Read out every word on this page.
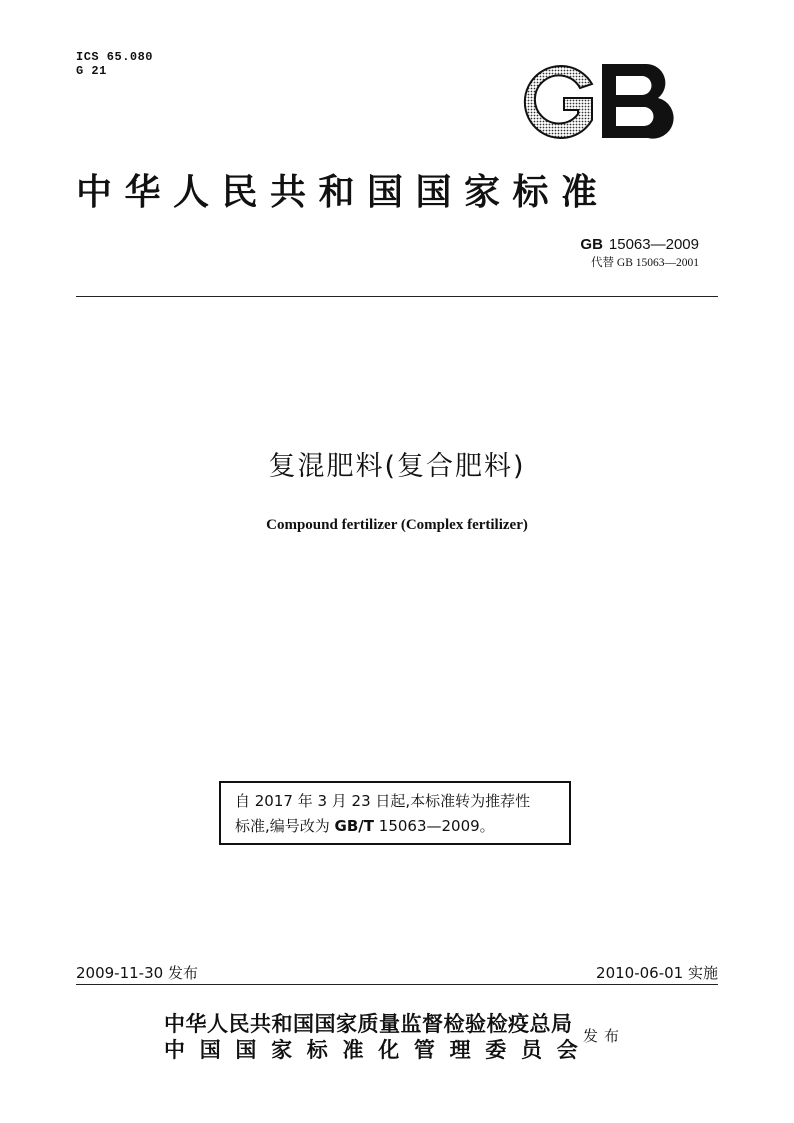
ICS 65.080
G 21
中华人民共和国国家标准
GB 15063—2009
代替 GB 15063—2001
复混肥料(复合肥料)
Compound fertilizer (Complex fertilizer)
自 2017 年 3 月 23 日起,本标准转为推荐性
标准,编号改为 GB/T 15063—2009。
2009-11-30 发布	2010-06-01 实施
中华人民共和国国家质量监督检验检疫总局
中国国家标准化管理委员会
发布
